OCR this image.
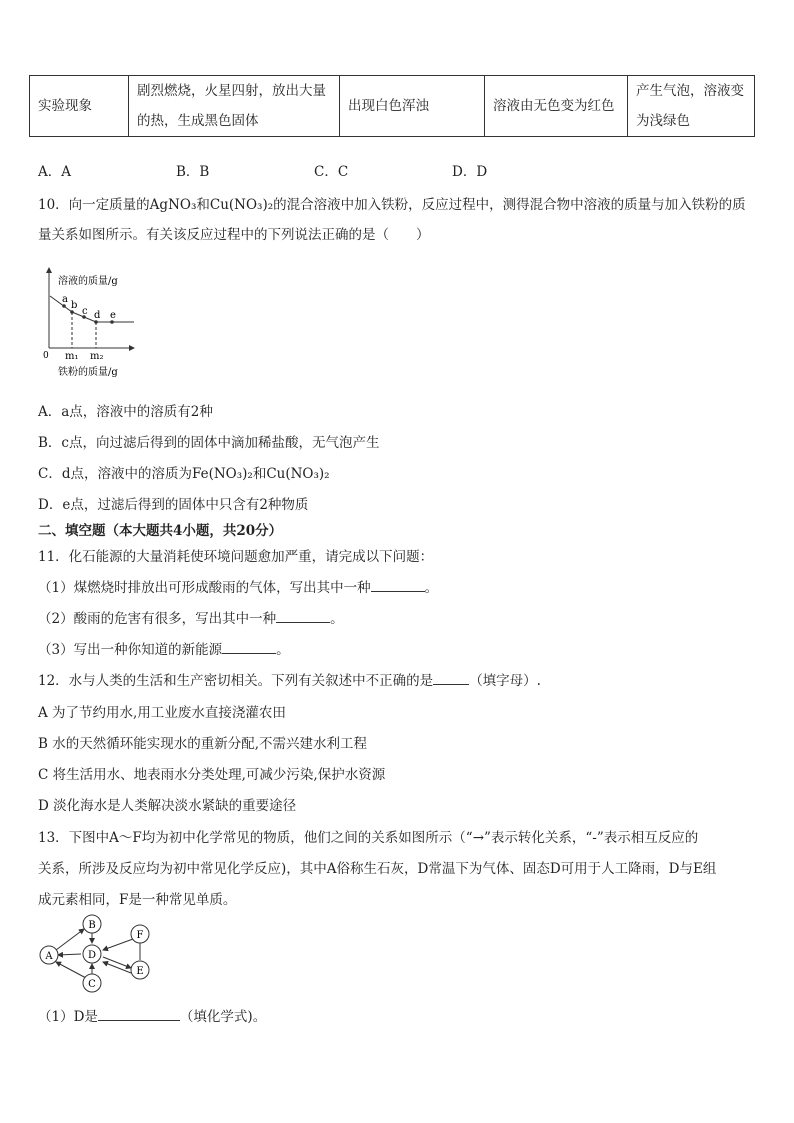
实验现象	剧烈燃烧，火星四射，放出大量的热，生成黑色固体	出现白色浑浊	溶液由无色变为红色	产生气泡，溶液变为浅绿色
A．A	B．B	C．C	D．D
10．向一定质量的AgNO₃和Cu(NO₃)₂的混合溶液中加入铁粉，反应过程中，测得混合物中溶液的质量与加入铁粉的质
量关系如图所示。有关该反应过程中的下列说法正确的是（　　）
溶液的质量/g
a
b
c d e
0 m₁ m₂
铁粉的质量/g
A．a点，溶液中的溶质有2种
B．c点，向过滤后得到的固体中滴加稀盐酸，无气泡产生
C．d点，溶液中的溶质为Fe(NO₃)₂和Cu(NO₃)₂
D．e点，过滤后得到的固体中只含有2种物质
二、填空题（本大题共4小题，共20分）
11．化石能源的大量消耗使环境问题愈加严重，请完成以下问题：
（1）煤燃烧时排放出可形成酸雨的气体，写出其中一种	。
（2）酸雨的危害有很多，写出其中一种	。
（3）写出一种你知道的新能源	。
12．水与人类的生活和生产密切相关。下列有关叙述中不正确的是	（填字母）.
A 为了节约用水,用工业废水直接浇灌农田
B 水的天然循环能实现水的重新分配,不需兴建水利工程
C 将生活用水、地表雨水分类处理,可减少污染,保护水资源
D 淡化海水是人类解决淡水紧缺的重要途径
13．下图中A～F均为初中化学常见的物质，他们之间的关系如图所示（“→”表示转化关系，“-”表示相互反应的
关系，所涉及反应均为初中常见化学反应)，其中A俗称生石灰，D常温下为气体、固态D可用于人工降雨，D与E组
成元素相同，F是一种常见单质。
A
B
C
D
E
F
（1）D是	（填化学式)。
